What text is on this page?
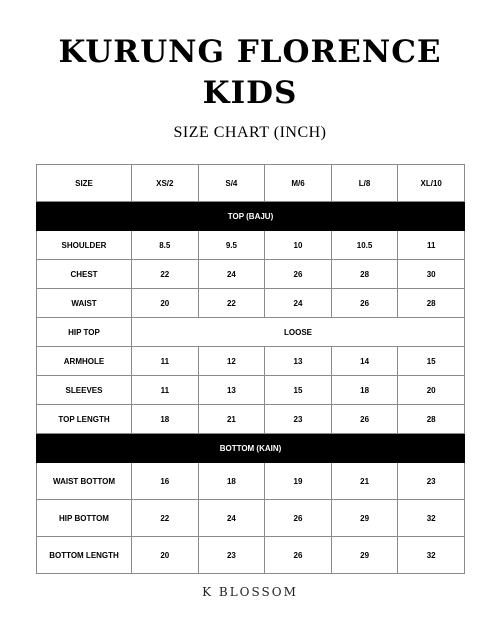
KURUNG FLORENCE
KIDS
SIZE CHART (INCH)
SIZE	XS/2	S/4	M/6	L/8	XL/10
TOP (BAJU)					
SHOULDER	8.5	9.5	10	10.5	11
CHEST	22	24	26	28	30
WAIST	20	22	24	26	28
HIP TOP	LOOSE				
ARMHOLE	11	12	13	14	15
SLEEVES	11	13	15	18	20
TOP LENGTH	18	21	23	26	28
BOTTOM (KAIN)					
WAIST BOTTOM	16	18	19	21	23
HIP BOTTOM	22	24	26	29	32
BOTTOM LENGTH	20	23	26	29	32
K BLOSSOM
